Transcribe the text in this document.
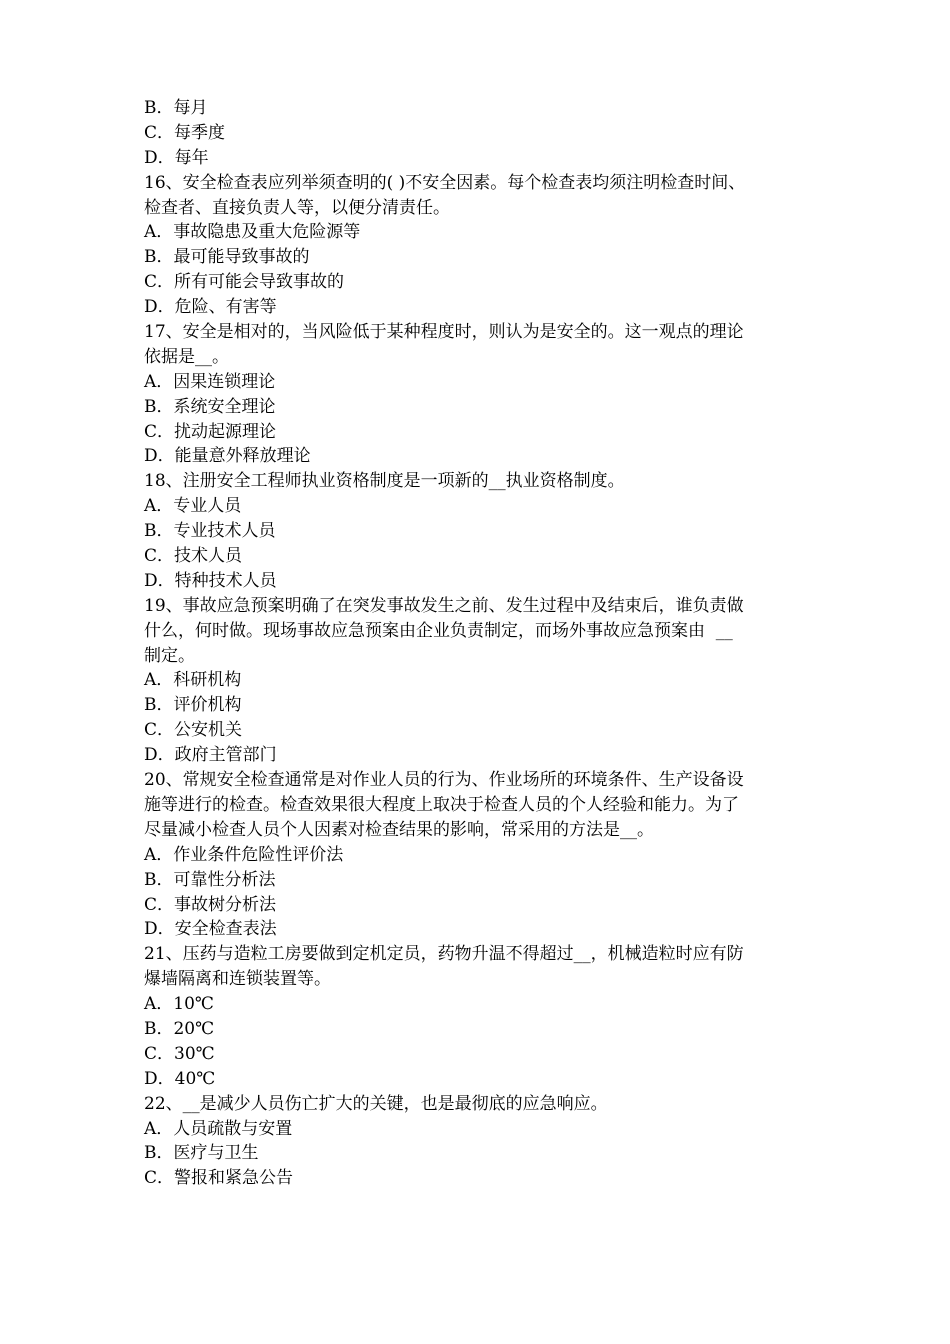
B．每月
C．每季度
D．每年
16、安全检查表应列举须查明的( )不安全因素。每个检查表均须注明检查时间、
检查者、直接负责人等，以便分清责任。
A．事故隐患及重大危险源等
B．最可能导致事故的
C．所有可能会导致事故的
D．危险、有害等
17、安全是相对的，当风险低于某种程度时，则认为是安全的。这一观点的理论
依据是__。
A．因果连锁理论
B．系统安全理论
C．扰动起源理论
D．能量意外释放理论
18、注册安全工程师执业资格制度是一项新的__执业资格制度。
A．专业人员
B．专业技术人员
C．技术人员
D．特种技术人员
19、事故应急预案明确了在突发事故发生之前、发生过程中及结束后，谁负责做
什么，何时做。现场事故应急预案由企业负责制定，而场外事故应急预案由  __
制定。
A．科研机构
B．评价机构
C．公安机关
D．政府主管部门
20、常规安全检查通常是对作业人员的行为、作业场所的环境条件、生产设备设
施等进行的检查。检查效果很大程度上取决于检查人员的个人经验和能力。为了
尽量减小检查人员个人因素对检查结果的影响，常采用的方法是__。
A．作业条件危险性评价法
B．可靠性分析法
C．事故树分析法
D．安全检查表法
21、压药与造粒工房要做到定机定员，药物升温不得超过__，机械造粒时应有防
爆墙隔离和连锁装置等。
A．10℃
B．20℃
C．30℃
D．40℃
22、__是减少人员伤亡扩大的关键，也是最彻底的应急响应。
A．人员疏散与安置
B．医疗与卫生
C．警报和紧急公告
